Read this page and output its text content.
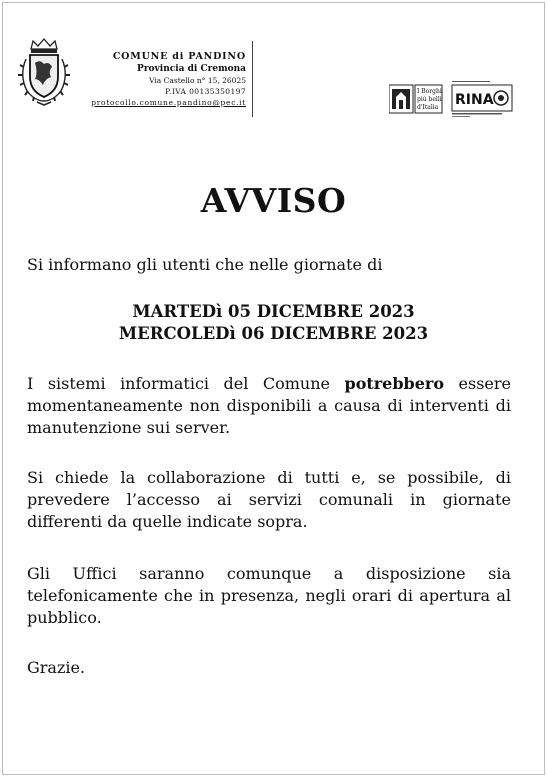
COMUNE di PANDINO
Provincia di Cremona
Via Castello n° 15, 26025
P.IVA 00135350197
protocollo.comune.pandino@pec.it
I Borghi
più belli
d'Italia RINA
AVVISO
Si informano gli utenti che nelle giornate di
MARTEDì 05 DICEMBRE 2023
MERCOLEDì 06 DICEMBRE 2023
I sistemi informatici del Comune potrebbero essere momentaneamente non disponibili a causa di interventi di manutenzione sui server.
Si chiede la collaborazione di tutti e, se possibile, di prevedere l’accesso ai servizi comunali in giornate differenti da quelle indicate sopra.
Gli Uffici saranno comunque a disposizione sia telefonicamente che in presenza, negli orari di apertura al pubblico.
Grazie.
